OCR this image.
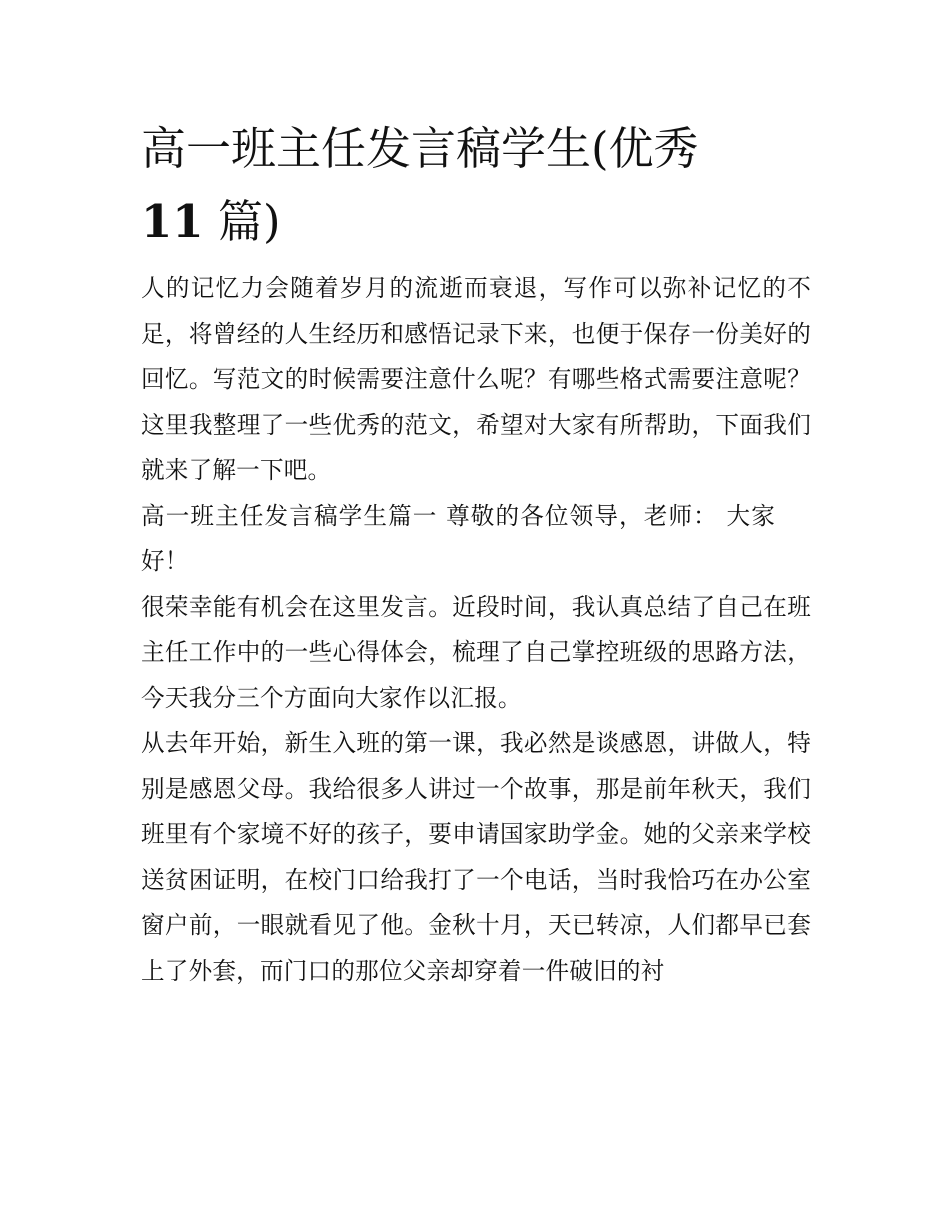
高一班主任发言稿学生(优秀
11 篇)

人的记忆力会随着岁月的流逝而衰退，写作可以弥补记忆的不足，将曾经的人生经历和感悟记录下来，也便于保存一份美好的回忆。写范文的时候需要注意什么呢？有哪些格式需要注意呢？这里我整理了一些优秀的范文，希望对大家有所帮助，下面我们就来了解一下吧。

高一班主任发言稿学生篇一 尊敬的各位领导，老师： 大家好！

很荣幸能有机会在这里发言。近段时间，我认真总结了自己在班主任工作中的一些心得体会，梳理了自己掌控班级的思路方法，今天我分三个方面向大家作以汇报。

从去年开始，新生入班的第一课，我必然是谈感恩，讲做人，特别是感恩父母。我给很多人讲过一个故事，那是前年秋天，我们班里有个家境不好的孩子，要申请国家助学金。她的父亲来学校送贫困证明，在校门口给我打了一个电话，当时我恰巧在办公室窗户前，一眼就看见了他。金秋十月，天已转凉，人们都早已套上了外套，而门口的那位父亲却穿着一件破旧的衬
